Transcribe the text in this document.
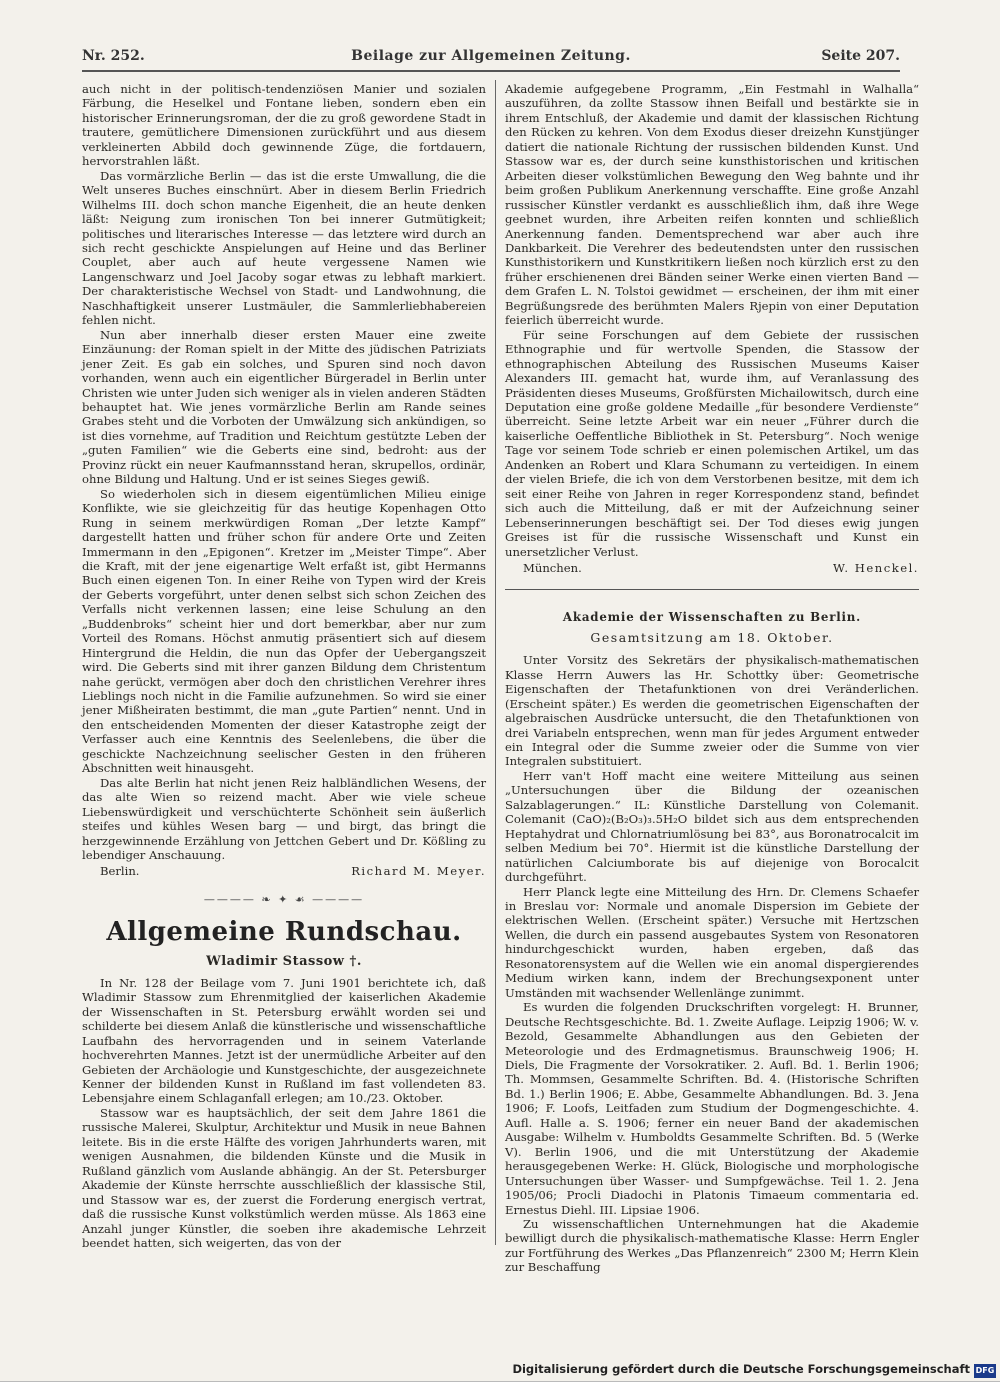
Nr. 252.	Beilage zur Allgemeinen Zeitung.	Seite 207.

auch nicht in der politisch-tendenziösen Manier und sozialen Färbung, die Heselkel und Fontane lieben, sondern eben ein historischer Erinnerungsroman, der die zu groß gewordene Stadt in trautere, gemütlichere Dimensionen zurückführt und aus diesem verkleinerten Abbild doch gewinnende Züge, die fortdauern, hervorstrahlen läßt.

Das vormärzliche Berlin — das ist die erste Umwallung, die die Welt unseres Buches einschnürt. Aber in diesem Berlin Friedrich Wilhelms III. doch schon manche Eigenheit, die an heute denken läßt: Neigung zum ironischen Ton bei innerer Gutmütigkeit; politisches und literarisches Interesse — das letztere wird durch an sich recht geschickte Anspielungen auf Heine und das Berliner Couplet, aber auch auf heute vergessene Namen wie Langenschwarz und Joel Jacoby sogar etwas zu lebhaft markiert. Der charakteristische Wechsel von Stadt- und Landwohnung, die Naschhaftigkeit unserer Lustmäuler, die Sammlerliebhabereien fehlen nicht.

Nun aber innerhalb dieser ersten Mauer eine zweite Einzäunung: der Roman spielt in der Mitte des jüdischen Patriziats jener Zeit. Es gab ein solches, und Spuren sind noch davon vorhanden, wenn auch ein eigentlicher Bürgeradel in Berlin unter Christen wie unter Juden sich weniger als in vielen anderen Städten behauptet hat. Wie jenes vormärzliche Berlin am Rande seines Grabes steht und die Vorboten der Umwälzung sich ankündigen, so ist dies vornehme, auf Tradition und Reichtum gestützte Leben der „guten Familien“ wie die Geberts eine sind, bedroht: aus der Provinz rückt ein neuer Kaufmannsstand heran, skrupellos, ordinär, ohne Bildung und Haltung. Und er ist seines Sieges gewiß.

So wiederholen sich in diesem eigentümlichen Milieu einige Konflikte, wie sie gleichzeitig für das heutige Kopenhagen Otto Rung in seinem merkwürdigen Roman „Der letzte Kampf“ dargestellt hatten und früher schon für andere Orte und Zeiten Immermann in den „Epigonen“. Kretzer im „Meister Timpe“. Aber die Kraft, mit der jene eigenartige Welt erfaßt ist, gibt Hermanns Buch einen eigenen Ton. In einer Reihe von Typen wird der Kreis der Geberts vorgeführt, unter denen selbst sich schon Zeichen des Verfalls nicht verkennen lassen; eine leise Schulung an den „Buddenbroks“ scheint hier und dort bemerkbar, aber nur zum Vorteil des Romans. Höchst anmutig präsentiert sich auf diesem Hintergrund die Heldin, die nun das Opfer der Uebergangszeit wird. Die Geberts sind mit ihrer ganzen Bildung dem Christentum nahe gerückt, vermögen aber doch den christlichen Verehrer ihres Lieblings noch nicht in die Familie aufzunehmen. So wird sie einer jener Mißheiraten bestimmt, die man „gute Partien“ nennt. Und in den entscheidenden Momenten der dieser Katastrophe zeigt der Verfasser auch eine Kenntnis des Seelenlebens, die über die geschickte Nachzeichnung seelischer Gesten in den früheren Abschnitten weit hinausgeht.

Das alte Berlin hat nicht jenen Reiz halbländlichen Wesens, der das alte Wien so reizend macht. Aber wie viele scheue Liebenswürdigkeit und verschüchterte Schönheit sein äußerlich steifes und kühles Wesen barg — und birgt, das bringt die herzgewinnende Erzählung von Jettchen Gebert und Dr. Kößling zu lebendiger Anschauung.

Berlin.	Richard M. Meyer.
———— ❧ ✦ ☙ ————
Allgemeine Rundschau.
Wladimir Stassow †.

In Nr. 128 der Beilage vom 7. Juni 1901 berichtete ich, daß Wladimir Stassow zum Ehrenmitglied der kaiserlichen Akademie der Wissenschaften in St. Petersburg erwählt worden sei und schilderte bei diesem Anlaß die künstlerische und wissenschaftliche Laufbahn des hervorragenden und in seinem Vaterlande hochverehrten Mannes. Jetzt ist der unermüdliche Arbeiter auf den Gebieten der Archäologie und Kunstgeschichte, der ausgezeichnete Kenner der bildenden Kunst in Rußland im fast vollendeten 83. Lebensjahre einem Schlaganfall erlegen; am 10./23. Oktober.

Stassow war es hauptsächlich, der seit dem Jahre 1861 die russische Malerei, Skulptur, Architektur und Musik in neue Bahnen leitete. Bis in die erste Hälfte des vorigen Jahrhunderts waren, mit wenigen Ausnahmen, die bildenden Künste und die Musik in Rußland gänzlich vom Auslande abhängig. An der St. Petersburger Akademie der Künste herrschte ausschließlich der klassische Stil, und Stassow war es, der zuerst die Forderung energisch vertrat, daß die russische Kunst volkstümlich werden müsse. Als 1863 eine Anzahl junger Künstler, die soeben ihre akademische Lehrzeit beendet hatten, sich weigerten, das von der

Akademie aufgegebene Programm, „Ein Festmahl in Walhalla“ auszuführen, da zollte Stassow ihnen Beifall und bestärkte sie in ihrem Entschluß, der Akademie und damit der klassischen Richtung den Rücken zu kehren. Von dem Exodus dieser dreizehn Kunstjünger datiert die nationale Richtung der russischen bildenden Kunst. Und Stassow war es, der durch seine kunsthistorischen und kritischen Arbeiten dieser volkstümlichen Bewegung den Weg bahnte und ihr beim großen Publikum Anerkennung verschaffte. Eine große Anzahl russischer Künstler verdankt es ausschließlich ihm, daß ihre Wege geebnet wurden, ihre Arbeiten reifen konnten und schließlich Anerkennung fanden. Dementsprechend war aber auch ihre Dankbarkeit. Die Verehrer des bedeutendsten unter den russischen Kunsthistorikern und Kunstkritikern ließen noch kürzlich erst zu den früher erschienenen drei Bänden seiner Werke einen vierten Band — dem Grafen L. N. Tolstoi gewidmet — erscheinen, der ihm mit einer Begrüßungsrede des berühmten Malers Rjepin von einer Deputation feierlich überreicht wurde.

Für seine Forschungen auf dem Gebiete der russischen Ethnographie und für wertvolle Spenden, die Stassow der ethnographischen Abteilung des Russischen Museums Kaiser Alexanders III. gemacht hat, wurde ihm, auf Veranlassung des Präsidenten dieses Museums, Großfürsten Michailowitsch, durch eine Deputation eine große goldene Medaille „für besondere Verdienste“ überreicht. Seine letzte Arbeit war ein neuer „Führer durch die kaiserliche Oeffentliche Bibliothek in St. Petersburg“. Noch wenige Tage vor seinem Tode schrieb er einen polemischen Artikel, um das Andenken an Robert und Klara Schumann zu verteidigen. In einem der vielen Briefe, die ich von dem Verstorbenen besitze, mit dem ich seit einer Reihe von Jahren in reger Korrespondenz stand, befindet sich auch die Mitteilung, daß er mit der Aufzeichnung seiner Lebenserinnerungen beschäftigt sei. Der Tod dieses ewig jungen Greises ist für die russische Wissenschaft und Kunst ein unersetzlicher Verlust.

München.	W. Henckel.
Akademie der Wissenschaften zu Berlin.
Gesamtsitzung am 18. Oktober.

Unter Vorsitz des Sekretärs der physikalisch-mathematischen Klasse Herrn Auwers las Hr. Schottky über: Geometrische Eigenschaften der Thetafunktionen von drei Veränderlichen. (Erscheint später.) Es werden die geometrischen Eigenschaften der algebraischen Ausdrücke untersucht, die den Thetafunktionen von drei Variabeln entsprechen, wenn man für jedes Argument entweder ein Integral oder die Summe zweier oder die Summe von vier Integralen substituiert.

Herr van't Hoff macht eine weitere Mitteilung aus seinen „Untersuchungen über die Bildung der ozeanischen Salzablagerungen.“ IL: Künstliche Darstellung von Colemanit. Colemanit (CaO)₂(B₂O₃)₃.5H₂O bildet sich aus dem entsprechenden Heptahydrat und Chlornatriumlösung bei 83°, aus Boronatrocalcit im selben Medium bei 70°. Hiermit ist die künstliche Darstellung der natürlichen Calciumborate bis auf diejenige von Borocalcit durchgeführt.

Herr Planck legte eine Mitteilung des Hrn. Dr. Clemens Schaefer in Breslau vor: Normale und anomale Dispersion im Gebiete der elektrischen Wellen. (Erscheint später.) Versuche mit Hertzschen Wellen, die durch ein passend ausgebautes System von Resonatoren hindurchgeschickt wurden, haben ergeben, daß das Resonatorensystem auf die Wellen wie ein anomal dispergierendes Medium wirken kann, indem der Brechungsexponent unter Umständen mit wachsender Wellenlänge zunimmt.

Es wurden die folgenden Druckschriften vorgelegt: H. Brunner, Deutsche Rechtsgeschichte. Bd. 1. Zweite Auflage. Leipzig 1906; W. v. Bezold, Gesammelte Abhandlungen aus den Gebieten der Meteorologie und des Erdmagnetismus. Braunschweig 1906; H. Diels, Die Fragmente der Vorsokratiker. 2. Aufl. Bd. 1. Berlin 1906; Th. Mommsen, Gesammelte Schriften. Bd. 4. (Historische Schriften Bd. 1.) Berlin 1906; E. Abbe, Gesammelte Abhandlungen. Bd. 3. Jena 1906; F. Loofs, Leitfaden zum Studium der Dogmengeschichte. 4. Aufl. Halle a. S. 1906; ferner ein neuer Band der akademischen Ausgabe: Wilhelm v. Humboldts Gesammelte Schriften. Bd. 5 (Werke V). Berlin 1906, und die mit Unterstützung der Akademie herausgegebenen Werke: H. Glück, Biologische und morphologische Untersuchungen über Wasser- und Sumpfgewächse. Teil 1. 2. Jena 1905/06; Procli Diadochi in Platonis Timaeum commentaria ed. Ernestus Diehl. III. Lipsiae 1906.

Zu wissenschaftlichen Unternehmungen hat die Akademie bewilligt durch die physikalisch-mathematische Klasse: Herrn Engler zur Fortführung des Werkes „Das Pflanzenreich“ 2300 M; Herrn Klein zur Beschaffung

Digitalisierung gefördert durch die Deutsche Forschungsgemeinschaft DFG
